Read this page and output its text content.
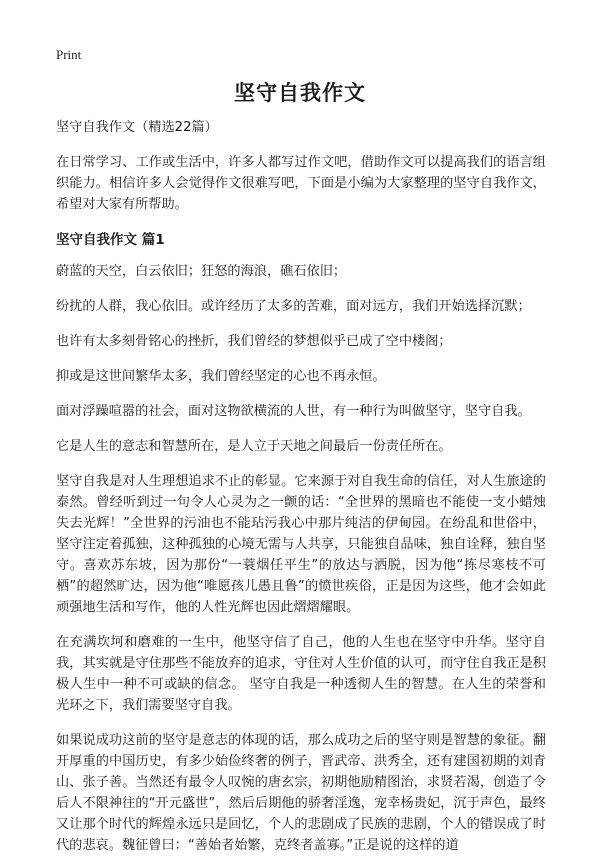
Print
坚守自我作文

坚守自我作文（精选22篇）

在日常学习、工作或生活中，许多人都写过作文吧，借助作文可以提高我们的语言组织能力。相信许多人会觉得作文很难写吧，下面是小编为大家整理的坚守自我作文，希望对大家有所帮助。

坚守自我作文 篇1

蔚蓝的天空，白云依旧；狂怒的海浪，礁石依旧；

纷扰的人群，我心依旧。或许经历了太多的苦难，面对远方，我们开始选择沉默；

也许有太多刻骨铭心的挫折，我们曾经的梦想似乎已成了空中楼阁；

抑或是这世间繁华太多，我们曾经坚定的心也不再永恒。

面对浮躁喧嚣的社会，面对这物欲横流的人世，有一种行为叫做坚守，坚守自我。

它是人生的意志和智慧所在，是人立于天地之间最后一份责任所在。

坚守自我是对人生理想追求不止的彰显。它来源于对自我生命的信任，对人生旅途的泰然。曾经听到过一句令人心灵为之一颤的话：“全世界的黑暗也不能使一支小蜡烛失去光辉！”全世界的污油也不能玷污我心中那片纯洁的伊甸园。在纷乱和世俗中，坚守注定着孤独，这种孤独的心境无需与人共享，只能独自品味，独自诠释，独自坚守。喜欢苏东坡，因为那份“一蓑烟任平生”的放达与洒脱，因为他“拣尽寒枝不可栖”的超然旷达，因为他“唯愿孩儿愚且鲁”的愤世疾俗，正是因为这些，他才会如此顽强地生活和写作，他的人性光辉也因此熠熠耀眼。

在充满坎坷和磨难的一生中，他坚守信了自己，他的人生也在坚守中升华。坚守自我，其实就是守住那些不能放弃的追求，守住对人生价值的认可，而守住自我正是积极人生中一种不可或缺的信念。 坚守自我是一种透彻人生的智慧。在人生的荣誉和光环之下，我们需要坚守自我。

如果说成功这前的坚守是意志的体现的话，那么成功之后的坚守则是智慧的象征。翻开厚重的中国历史，有多少始俭终奢的例子，晋武帝、洪秀全，还有建国初期的刘青山、张子善。当然还有最令人叹惋的唐玄宗，初期他励精图治，求贤若渴，创造了令后人不限神往的“开元盛世”，然后后期他的骄奢淫逸，宠幸杨贵妃，沉于声色，最终又让那个时代的辉煌永远只是回忆，个人的悲剧成了民族的悲剧，个人的错误成了时代的悲哀。魏征曾曰：“善始者始繁，克终者盖寡。”正是说的这样的道
